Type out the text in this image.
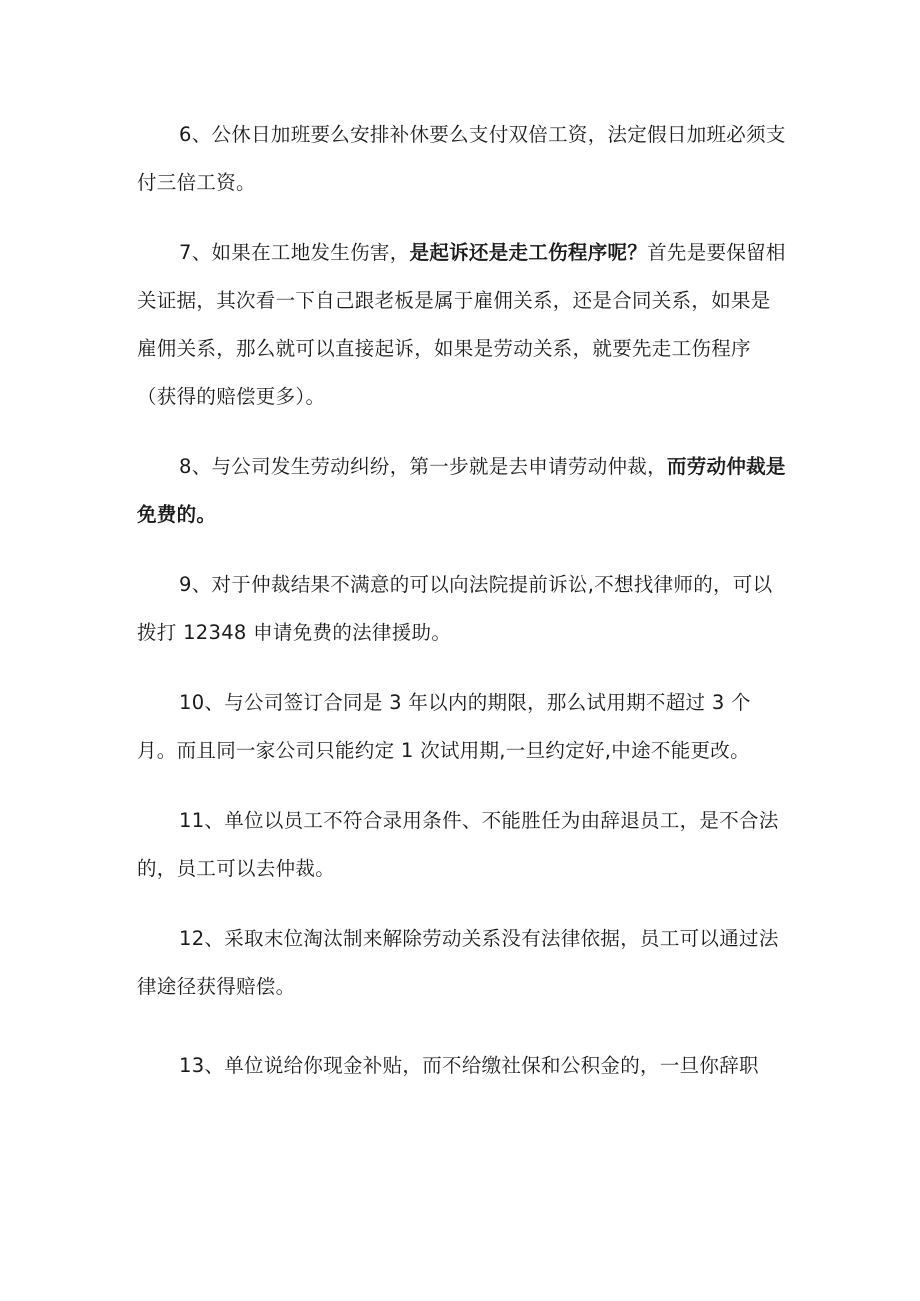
6、公休日加班要么安排补休要么支付双倍工资，法定假日加班必须支付三倍工资。

7、如果在工地发生伤害，是起诉还是走工伤程序呢？首先是要保留相关证据，其次看一下自己跟老板是属于雇佣关系，还是合同关系，如果是雇佣关系，那么就可以直接起诉，如果是劳动关系，就要先走工伤程序（获得的赔偿更多）。

8、与公司发生劳动纠纷，第一步就是去申请劳动仲裁，而劳动仲裁是免费的。

9、对于仲裁结果不满意的可以向法院提前诉讼,不想找律师的，可以拨打 12348 申请免费的法律援助。

10、与公司签订合同是 3 年以内的期限，那么试用期不超过 3 个月。而且同一家公司只能约定 1 次试用期,一旦约定好,中途不能更改。

11、单位以员工不符合录用条件、不能胜任为由辞退员工，是不合法的，员工可以去仲裁。

12、采取末位淘汰制来解除劳动关系没有法律依据，员工可以通过法律途径获得赔偿。

13、单位说给你现金补贴，而不给缴社保和公积金的，一旦你辞职
